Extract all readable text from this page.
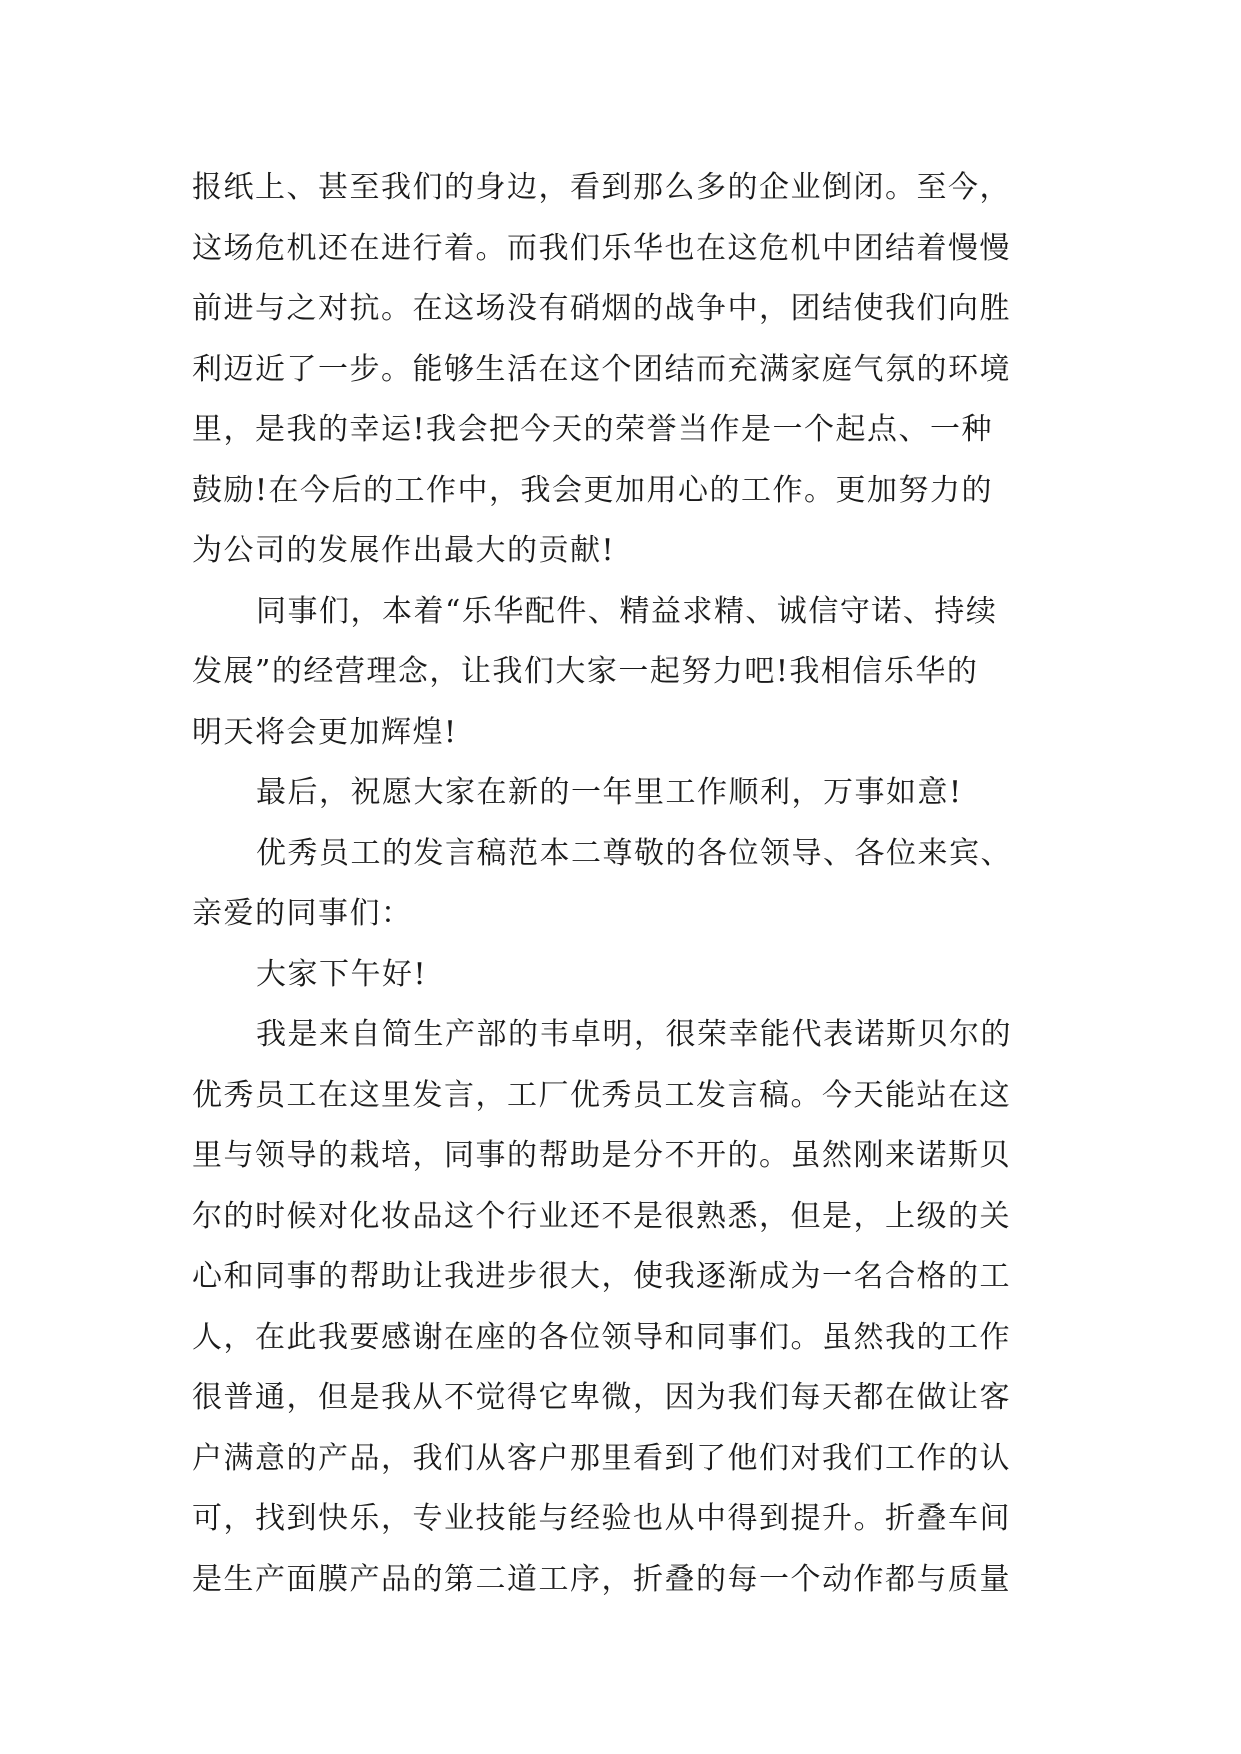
报纸上、甚至我们的身边，看到那么多的企业倒闭。至今，
这场危机还在进行着。而我们乐华也在这危机中团结着慢慢
前进与之对抗。在这场没有硝烟的战争中，团结使我们向胜
利迈近了一步。能够生活在这个团结而充满家庭气氛的环境
里，是我的幸运!我会把今天的荣誉当作是一个起点、一种
鼓励!在今后的工作中，我会更加用心的工作。更加努力的
为公司的发展作出最大的贡献!
同事们，本着“乐华配件、精益求精、诚信守诺、持续
发展”的经营理念，让我们大家一起努力吧!我相信乐华的
明天将会更加辉煌!
最后，祝愿大家在新的一年里工作顺利，万事如意!
优秀员工的发言稿范本二尊敬的各位领导、各位来宾、
亲爱的同事们：
大家下午好!
我是来自简生产部的韦卓明，很荣幸能代表诺斯贝尔的
优秀员工在这里发言，工厂优秀员工发言稿。今天能站在这
里与领导的栽培，同事的帮助是分不开的。虽然刚来诺斯贝
尔的时候对化妆品这个行业还不是很熟悉，但是，上级的关
心和同事的帮助让我进步很大，使我逐渐成为一名合格的工
人，在此我要感谢在座的各位领导和同事们。虽然我的工作
很普通，但是我从不觉得它卑微，因为我们每天都在做让客
户满意的产品，我们从客户那里看到了他们对我们工作的认
可，找到快乐，专业技能与经验也从中得到提升。折叠车间
是生产面膜产品的第二道工序，折叠的每一个动作都与质量
